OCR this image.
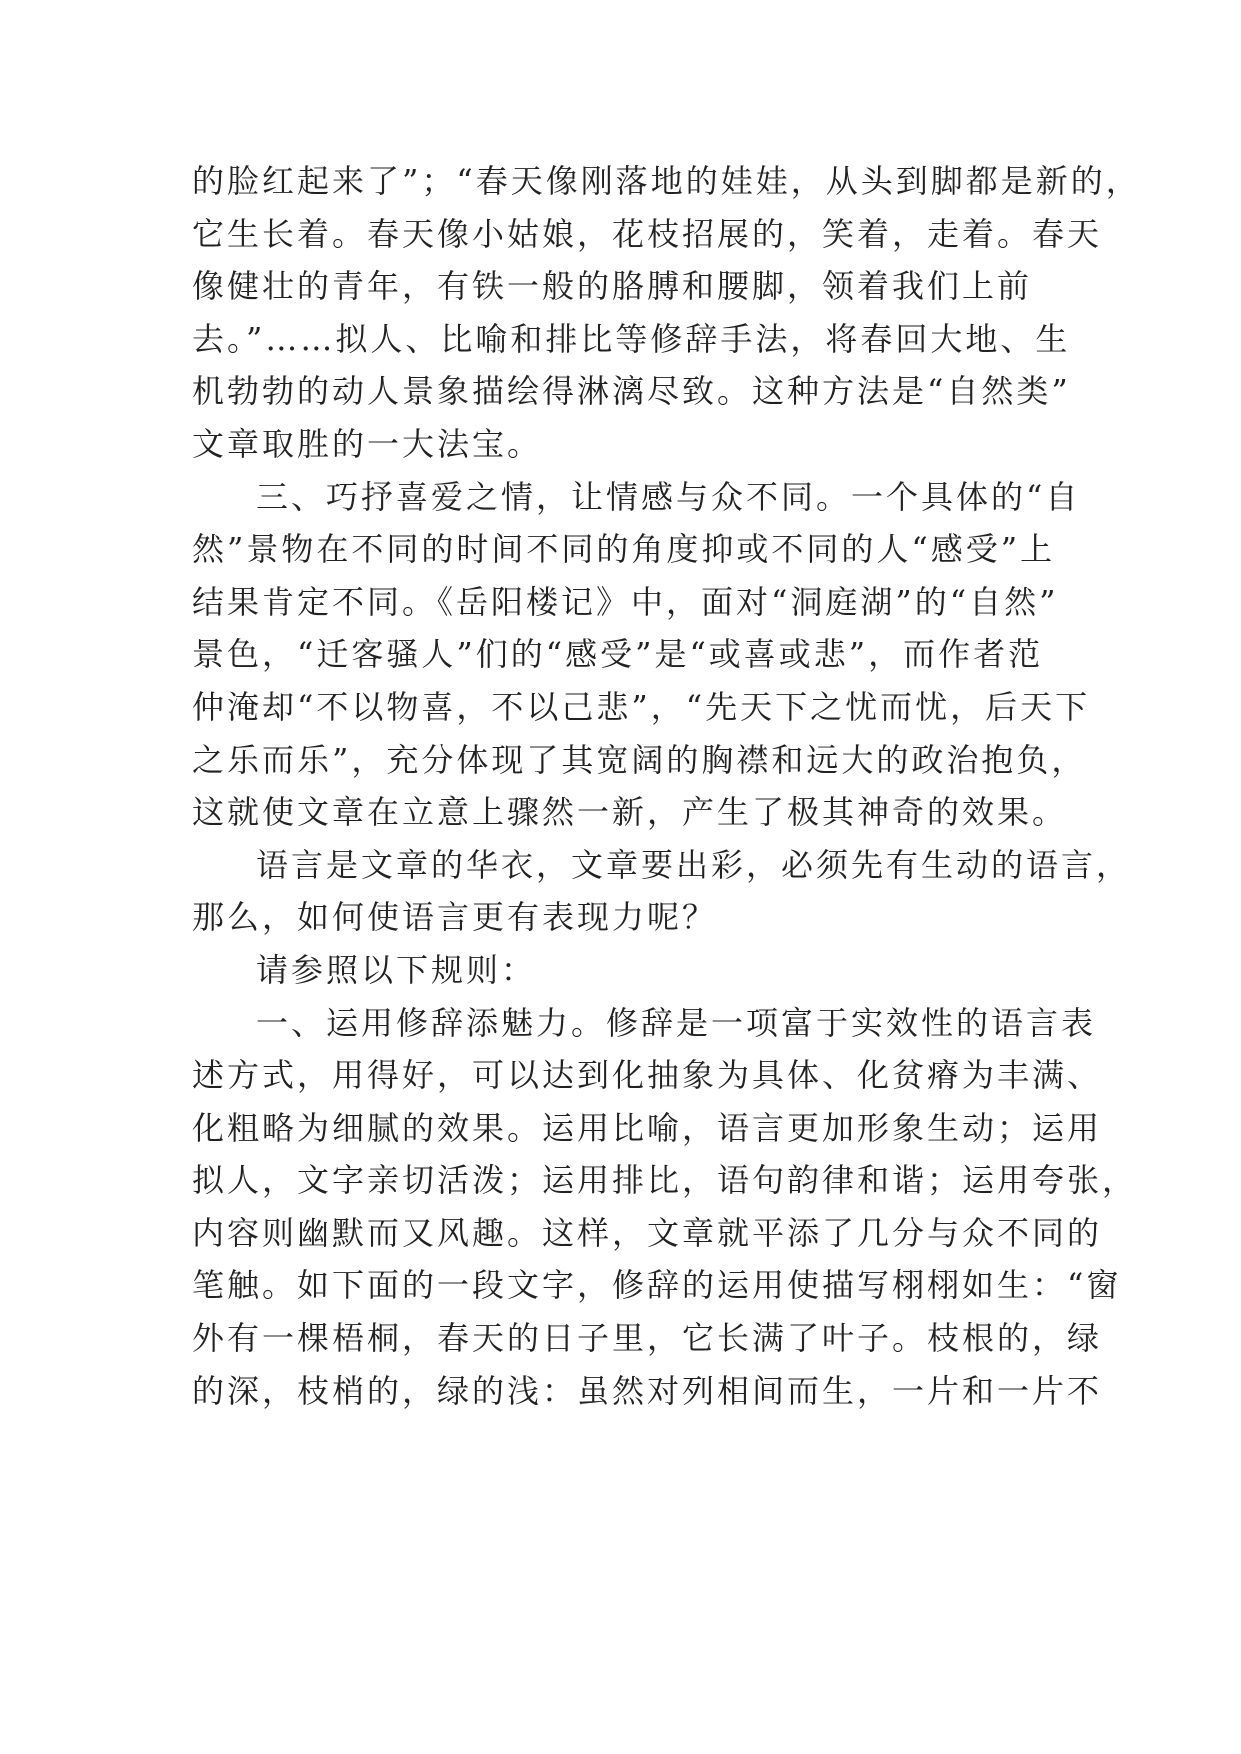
的脸红起来了”；“春天像刚落地的娃娃，从头到脚都是新的，
它生长着。春天像小姑娘，花枝招展的，笑着，走着。春天
像健壮的青年，有铁一般的胳膊和腰脚，领着我们上前
去。”……拟人、比喻和排比等修辞手法，将春回大地、生
机勃勃的动人景象描绘得淋漓尽致。这种方法是“自然类”
文章取胜的一大法宝。
三、巧抒喜爱之情，让情感与众不同。一个具体的“自
然”景物在不同的时间不同的角度抑或不同的人“感受”上
结果肯定不同。《岳阳楼记》中，面对“洞庭湖”的“自然”
景色，“迁客骚人”们的“感受”是“或喜或悲”，而作者范
仲淹却“不以物喜，不以己悲”，“先天下之忧而忧，后天下
之乐而乐”，充分体现了其宽阔的胸襟和远大的政治抱负，
这就使文章在立意上骤然一新，产生了极其神奇的效果。
语言是文章的华衣，文章要出彩，必须先有生动的语言，
那么，如何使语言更有表现力呢？
请参照以下规则：
一、运用修辞添魅力。修辞是一项富于实效性的语言表
述方式，用得好，可以达到化抽象为具体、化贫瘠为丰满、
化粗略为细腻的效果。运用比喻，语言更加形象生动；运用
拟人，文字亲切活泼；运用排比，语句韵律和谐；运用夸张，
内容则幽默而又风趣。这样，文章就平添了几分与众不同的
笔触。如下面的一段文字，修辞的运用使描写栩栩如生：“窗
外有一棵梧桐，春天的日子里，它长满了叶子。枝根的，绿
的深，枝梢的，绿的浅：虽然对列相间而生，一片和一片不
